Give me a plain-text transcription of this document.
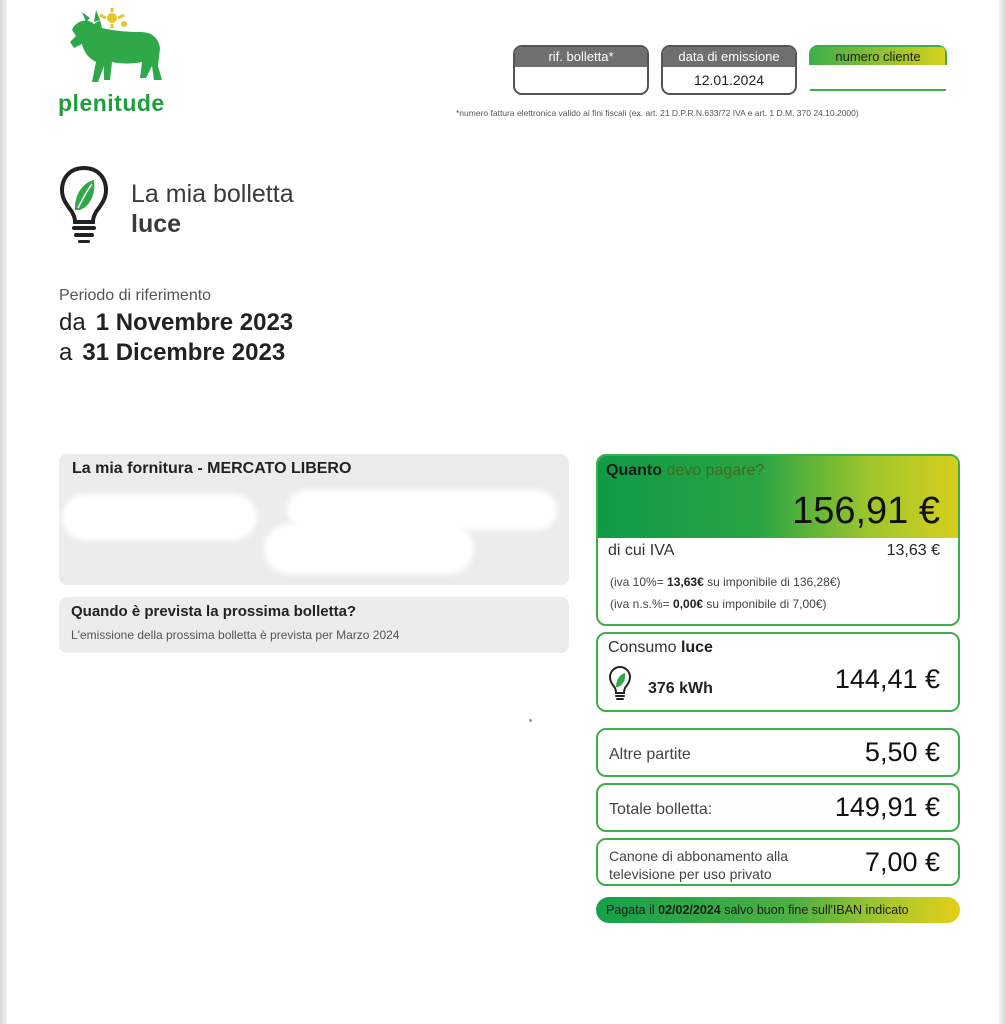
plenitude
rif. bolletta*	data di emissione
12.01.2024
numero cliente
*numero fattura elettronica valido ai fini fiscali (ex. art. 21 D.P.R.N.633/72 IVA e art. 1 D.M. 370 24.10.2000)
La mia bolletta
luce
Periodo di riferimento
da 1 Novembre 2023
a 31 Dicembre 2023
La mia fornitura - MERCATO LIBERO
Quando è prevista la prossima bolletta?
L'emissione della prossima bolletta è prevista per Marzo 2024
Quanto devo pagare?
156,91 €
di cui IVA	13,63 €
(iva 10%= 13,63€ su imponibile di 136,28€)
(iva n.s.%= 0,00€ su imponibile di 7,00€)
Consumo luce
376 kWh	144,41 €
Altre partite	5,50 €
Totale bolletta:	149,91 €
Canone di abbonamento alla televisione per uso privato	7,00 €
Pagata il 02/02/2024 salvo buon fine sull'IBAN indicato
